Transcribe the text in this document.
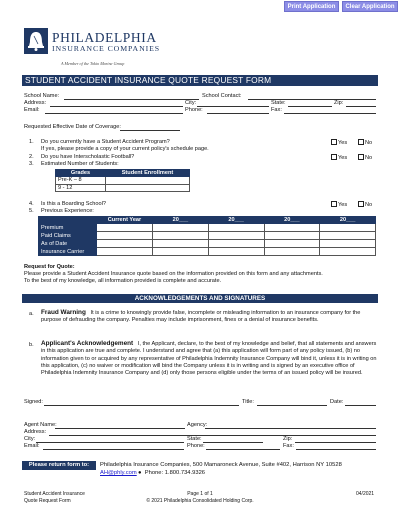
Print Application	Clear Application
PHILADELPHIA
INSURANCE COMPANIES
A Member of the Tokio Marine Group
STUDENT ACCIDENT INSURANCE QUOTE REQUEST FORM
School Name:	School Contact:
Address:	City:	State:	Zip:
Email:	Phone:	Fax:
Requested Effective Date of Coverage:
1. Do you currently have a Student Accident Program?
If yes, please provide a copy of your current policy's schedule page.
Yes	No
2. Do you have Interscholastic Football?	Yes	No
3. Estimated Number of Students:
Grades	Student Enrollment
Pre-K – 8	
9 - 12	
4. Is this a Boarding School?	Yes	No
5. Previous Experience:
	Current Year	20___	20___	20___	20___
Premium					
Paid Claims					
As of Date					
Insurance Carrier					
Request for Quote:
Please provide a Student Accident Insurance quote based on the information provided on this form and any attachments.
To the best of my knowledge, all information provided is complete and accurate.
ACKNOWLEDGEMENTS AND SIGNATURES
a. Fraud Warning It is a crime to knowingly provide false, incomplete or misleading information to an insurance company for the purpose of defrauding the company. Penalties may include imprisonment, fines or a denial of insurance benefits.
b. Applicant's Acknowledgement I, the Applicant, declare, to the best of my knowledge and belief, that all statements and answers in this application are true and complete. I understand and agree that (a) this application will form part of any policy issued, (b) no information given to or acquired by any representative of Philadelphia Indemnity Insurance Company will bind it, unless it is in writing on this application, (c) no waiver or modification will bind the Company unless it is in writing and is signed by an executive office of Philadelphia Indemnity Insurance Company and (d) only those persons eligible under the terms of an issued policy will be insured.
Signed:	Title:	Date:
Agent Name:	Agency:
Address:
City:	State:	Zip:
Email:	Phone:	Fax:
Please return form to:	Philadelphia Insurance Companies, 500 Mamaroneck Avenue, Suite #402, Harrison NY 10528
AH@phly.com ● Phone: 1.800.734.9326
Student Accident Insurance
Quote Request Form
Page 1 of 1
© 2021 Philadelphia Consolidated Holding Corp.
04/2021
